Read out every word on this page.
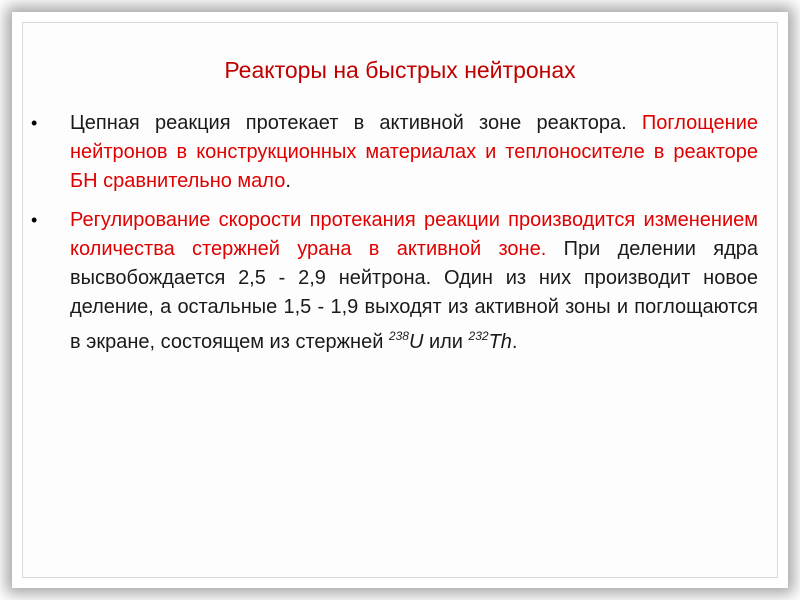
Реакторы на быстрых нейтронах
• Цепная реакция протекает в активной зоне реактора. Поглощение нейтронов в конструкционных материалах и теплоносителе в реакторе БН сравнительно мало.
• Регулирование скорости протекания реакции производится изменением количества стержней урана в активной зоне. При делении ядра высвобождается 2,5 - 2,9 нейтрона. Один из них производит новое деление, а остальные 1,5 - 1,9 выходят из активной зоны и поглощаются в экране, состоящем из стержней $^{238}$U или $^{232}$Th.
